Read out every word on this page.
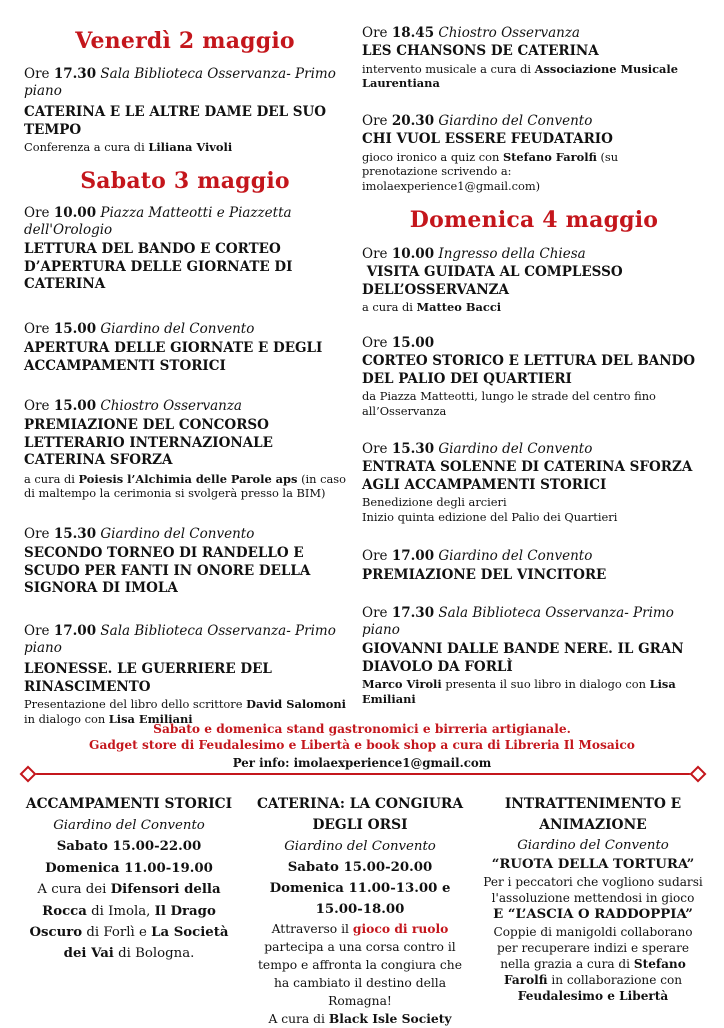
Venerdì 2 maggio
Ore 17.30 Sala Biblioteca Osservanza- Primo piano
CATERINA E LE ALTRE DAME DEL SUO TEMPO
Conferenza a cura di Liliana Vivoli
Sabato 3 maggio
Ore 10.00 Piazza Matteotti e Piazzetta dell'Orologio
LETTURA DEL BANDO E CORTEO D’APERTURA DELLE GIORNATE DI CATERINA
Ore 15.00 Giardino del Convento
APERTURA DELLE GIORNATE E DEGLI ACCAMPAMENTI STORICI
Ore 15.00 Chiostro Osservanza
PREMIAZIONE DEL CONCORSO LETTERARIO INTERNAZIONALE CATERINA SFORZA
a cura di Poiesis l’Alchimia delle Parole aps (in caso di maltempo la cerimonia si svolgerà presso la BIM)
Ore 15.30 Giardino del Convento
SECONDO TORNEO DI RANDELLO E SCUDO PER FANTI IN ONORE DELLA SIGNORA DI IMOLA
Ore 17.00 Sala Biblioteca Osservanza- Primo piano
LEONESSE. LE GUERRIERE DEL RINASCIMENTO
Presentazione del libro dello scrittore David Salomoni in dialogo con Lisa Emiliani
Ore 18.45 Chiostro Osservanza
LES CHANSONS DE CATERINA
intervento musicale a cura di Associazione Musicale Laurentiana
Ore 20.30 Giardino del Convento
CHI VUOL ESSERE FEUDATARIO
gioco ironico a quiz con Stefano Farolfi (su prenotazione scrivendo a: imolaexperience1@gmail.com)
Domenica 4 maggio
Ore 10.00 Ingresso della Chiesa
VISITA GUIDATA AL COMPLESSO DELL’OSSERVANZA
a cura di Matteo Bacci
Ore 15.00
CORTEO STORICO E LETTURA DEL BANDO DEL PALIO DEI QUARTIERI
da Piazza Matteotti, lungo le strade del centro fino all’Osservanza
Ore 15.30 Giardino del Convento
ENTRATA SOLENNE DI CATERINA SFORZA AGLI ACCAMPAMENTI STORICI
Benedizione degli arcieri
Inizio quinta edizione del Palio dei Quartieri
Ore 17.00 Giardino del Convento
PREMIAZIONE DEL VINCITORE
Ore 17.30 Sala Biblioteca Osservanza- Primo piano
GIOVANNI DALLE BANDE NERE. IL GRAN DIAVOLO DA FORLÌ
Marco Viroli presenta il suo libro in dialogo con Lisa Emiliani
Sabato e domenica stand gastronomici e birreria artigianale.
Gadget store di Feudalesimo e Libertà e book shop a cura di Libreria Il Mosaico
Per info: imolaexperience1@gmail.com
ACCAMPAMENTI STORICI
Giardino del Convento
Sabato 15.00-22.00
Domenica 11.00-19.00
A cura dei Difensori della Rocca di Imola, Il Drago Oscuro di Forlì e La Società dei Vai di Bologna.
CATERINA: LA CONGIURA DEGLI ORSI
Giardino del Convento
Sabato 15.00-20.00
Domenica 11.00-13.00 e 15.00-18.00
Attraverso il gioco di ruolo partecipa a una corsa contro il tempo e affronta la congiura che ha cambiato il destino della Romagna!
A cura di Black Isle Society
INTRATTENIMENTO E ANIMAZIONE
Giardino del Convento
“RUOTA DELLA TORTURA”
Per i peccatori che vogliono sudarsi l'assoluzione mettendosi in gioco
E “L’ASCIA O RADDOPPIA”
Coppie di manigoldi collaborano per recuperare indizi e sperare nella grazia a cura di Stefano Farolfi in collaborazione con Feudalesimo e Libertà
